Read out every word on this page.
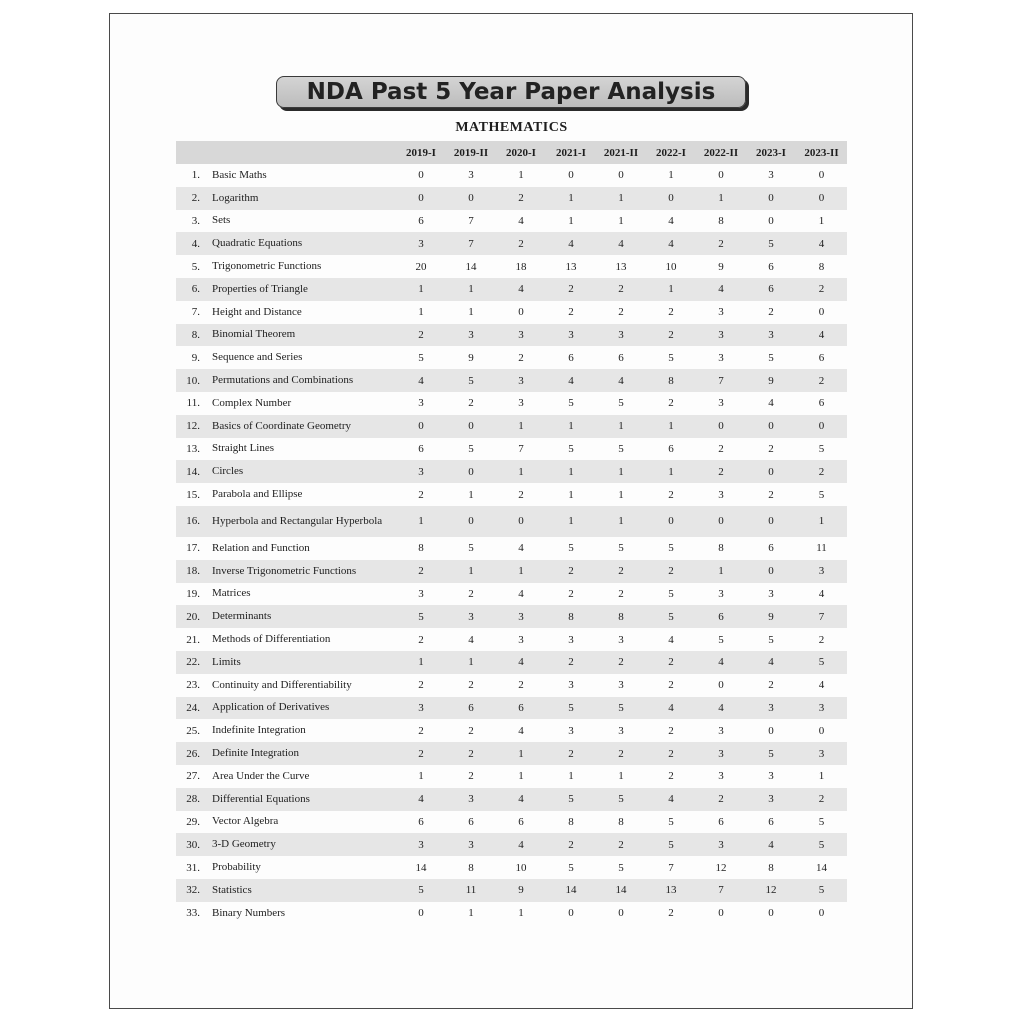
NDA Past 5 Year Paper Analysis
MATHEMATICS
		2019-I	2019-II	2020-I	2021-I	2021-II	2022-I	2022-II	2023-I	2023-II
1.	Basic Maths	0	3	1	0	0	1	0	3	0
2.	Logarithm	0	0	2	1	1	0	1	0	0
3.	Sets	6	7	4	1	1	4	8	0	1
4.	Quadratic Equations	3	7	2	4	4	4	2	5	4
5.	Trigonometric Functions	20	14	18	13	13	10	9	6	8
6.	Properties of Triangle	1	1	4	2	2	1	4	6	2
7.	Height and Distance	1	1	0	2	2	2	3	2	0
8.	Binomial Theorem	2	3	3	3	3	2	3	3	4
9.	Sequence and Series	5	9	2	6	6	5	3	5	6
10.	Permutations and Combinations	4	5	3	4	4	8	7	9	2
11.	Complex Number	3	2	3	5	5	2	3	4	6
12.	Basics of Coordinate Geometry	0	0	1	1	1	1	0	0	0
13.	Straight Lines	6	5	7	5	5	6	2	2	5
14.	Circles	3	0	1	1	1	1	2	0	2
15.	Parabola and Ellipse	2	1	2	1	1	2	3	2	5
16.	Hyperbola and Rectangular Hyperbola	1	0	0	1	1	0	0	0	1
17.	Relation and Function	8	5	4	5	5	5	8	6	11
18.	Inverse Trigonometric Functions	2	1	1	2	2	2	1	0	3
19.	Matrices	3	2	4	2	2	5	3	3	4
20.	Determinants	5	3	3	8	8	5	6	9	7
21.	Methods of Differentiation	2	4	3	3	3	4	5	5	2
22.	Limits	1	1	4	2	2	2	4	4	5
23.	Continuity and Differentiability	2	2	2	3	3	2	0	2	4
24.	Application of Derivatives	3	6	6	5	5	4	4	3	3
25.	Indefinite Integration	2	2	4	3	3	2	3	0	0
26.	Definite Integration	2	2	1	2	2	2	3	5	3
27.	Area Under the Curve	1	2	1	1	1	2	3	3	1
28.	Differential Equations	4	3	4	5	5	4	2	3	2
29.	Vector Algebra	6	6	6	8	8	5	6	6	5
30.	3-D Geometry	3	3	4	2	2	5	3	4	5
31.	Probability	14	8	10	5	5	7	12	8	14
32.	Statistics	5	11	9	14	14	13	7	12	5
33.	Binary Numbers	0	1	1	0	0	2	0	0	0
